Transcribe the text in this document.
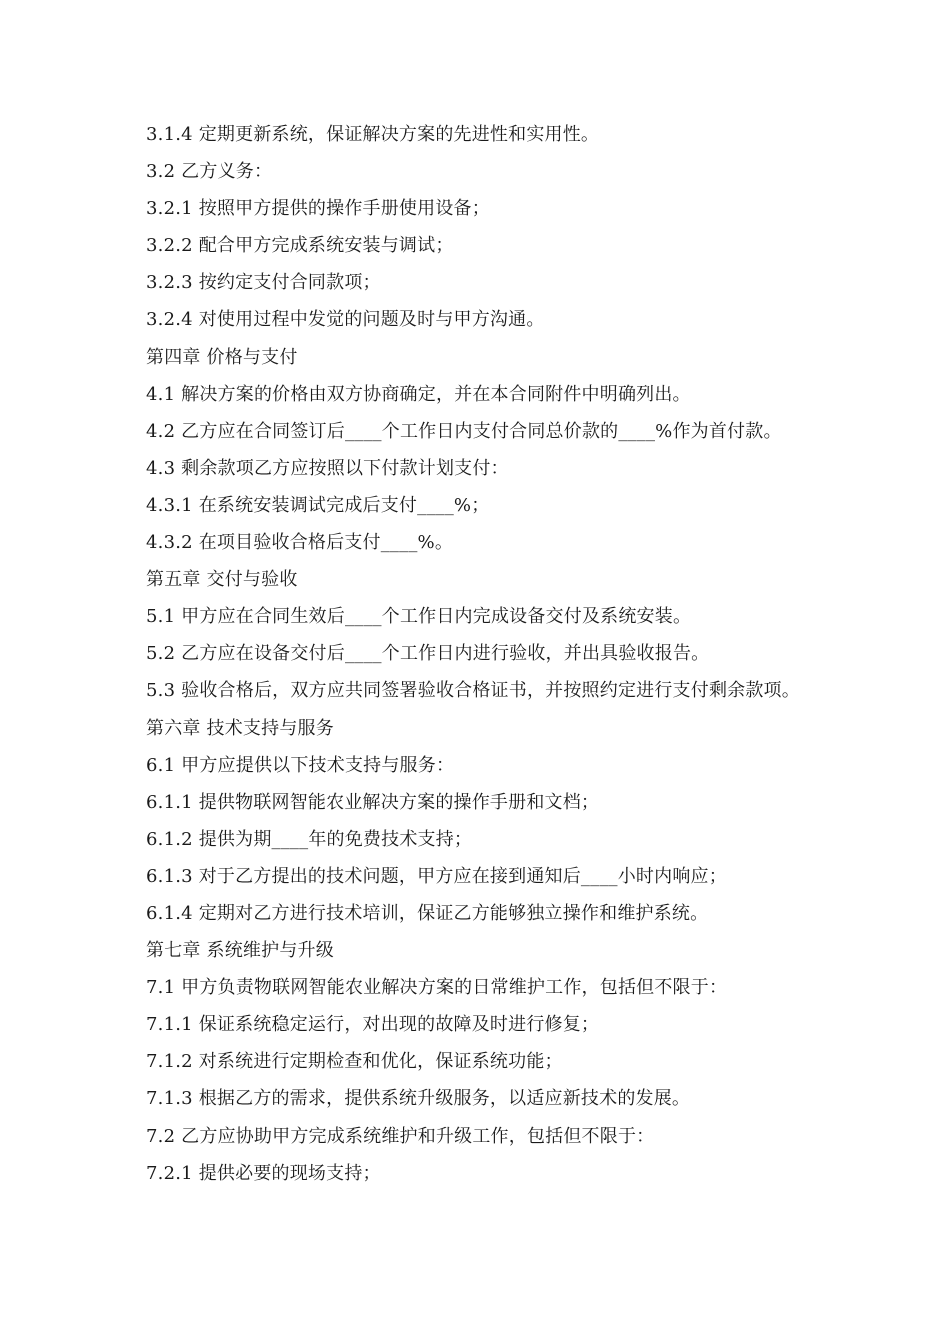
3.1.4 定期更新系统，保证解决方案的先进性和实用性。
3.2 乙方义务：
3.2.1 按照甲方提供的操作手册使用设备；
3.2.2 配合甲方完成系统安装与调试；
3.2.3 按约定支付合同款项；
3.2.4 对使用过程中发觉的问题及时与甲方沟通。
第四章 价格与支付
4.1 解决方案的价格由双方协商确定，并在本合同附件中明确列出。
4.2 乙方应在合同签订后____个工作日内支付合同总价款的____%作为首付款。
4.3 剩余款项乙方应按照以下付款计划支付：
4.3.1 在系统安装调试完成后支付____%；
4.3.2 在项目验收合格后支付____%。
第五章 交付与验收
5.1 甲方应在合同生效后____个工作日内完成设备交付及系统安装。
5.2 乙方应在设备交付后____个工作日内进行验收，并出具验收报告。
5.3 验收合格后，双方应共同签署验收合格证书，并按照约定进行支付剩余款项。
第六章 技术支持与服务
6.1 甲方应提供以下技术支持与服务：
6.1.1 提供物联网智能农业解决方案的操作手册和文档；
6.1.2 提供为期____年的免费技术支持；
6.1.3 对于乙方提出的技术问题，甲方应在接到通知后____小时内响应；
6.1.4 定期对乙方进行技术培训，保证乙方能够独立操作和维护系统。
第七章 系统维护与升级
7.1 甲方负责物联网智能农业解决方案的日常维护工作，包括但不限于：
7.1.1 保证系统稳定运行，对出现的故障及时进行修复；
7.1.2 对系统进行定期检查和优化，保证系统功能；
7.1.3 根据乙方的需求，提供系统升级服务，以适应新技术的发展。
7.2 乙方应协助甲方完成系统维护和升级工作，包括但不限于：
7.2.1 提供必要的现场支持；
